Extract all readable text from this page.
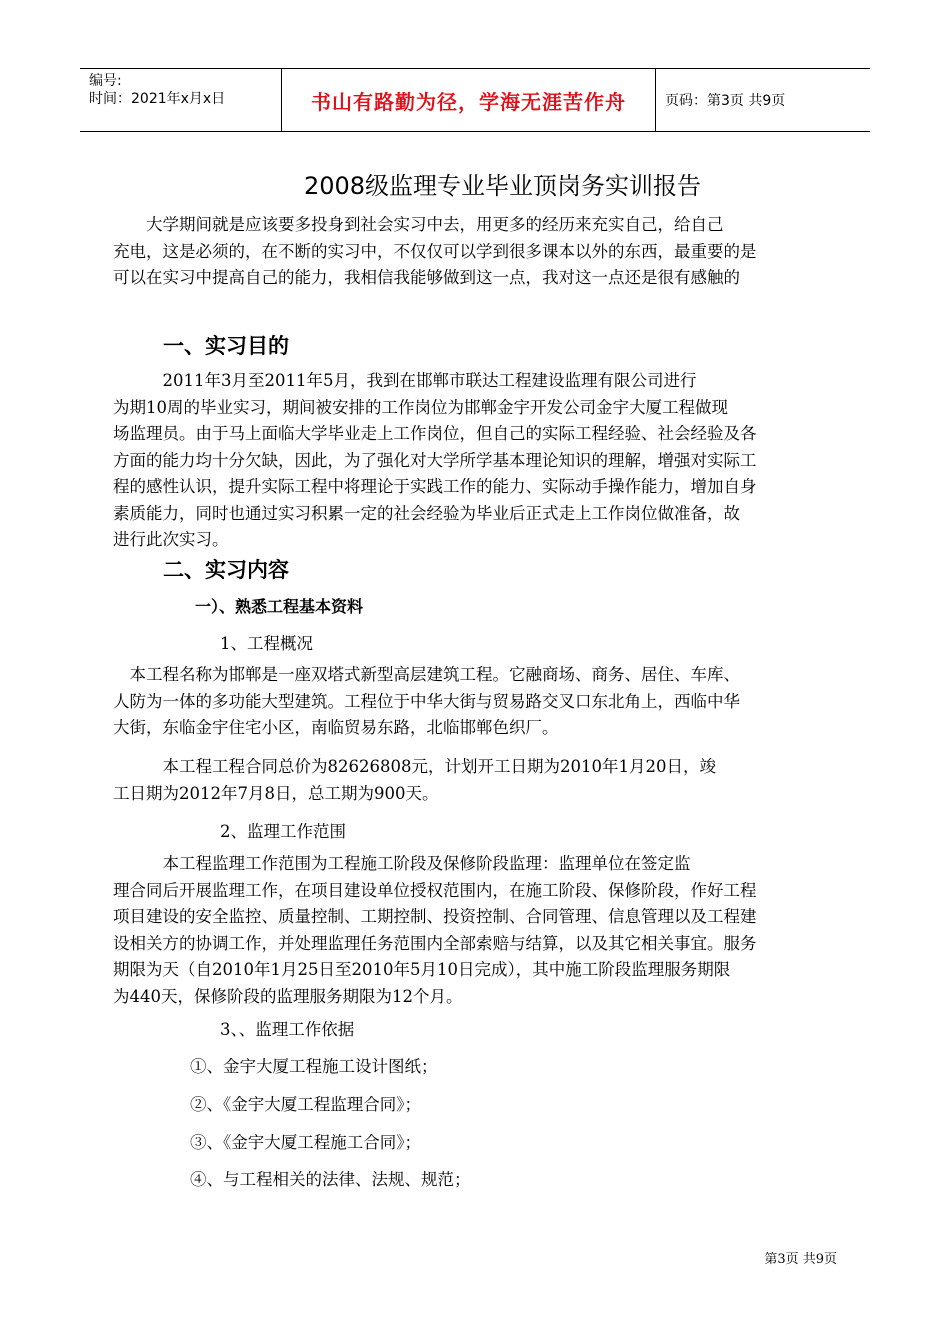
编号:
时间：2021年x月x日	书山有路勤为径，学海无涯苦作舟	页码：第3页 共9页
2008级监理专业毕业顶岗务实训报告
　　大学期间就是应该要多投身到社会实习中去，用更多的经历来充实自己，给自己
充电，这是必须的，在不断的实习中，不仅仅可以学到很多课本以外的东西，最重要的是
可以在实习中提高自己的能力，我相信我能够做到这一点，我对这一点还是很有感触的
一、实习目的
　　　2011年3月至2011年5月，我到在邯郸市联达工程建设监理有限公司进行
为期10周的毕业实习，期间被安排的工作岗位为邯郸金宇开发公司金宇大厦工程做现
场监理员。由于马上面临大学毕业走上工作岗位，但自己的实际工程经验、社会经验及各
方面的能力均十分欠缺，因此，为了强化对大学所学基本理论知识的理解，增强对实际工
程的感性认识，提升实际工程中将理论于实践工作的能力、实际动手操作能力，增加自身
素质能力，同时也通过实习积累一定的社会经验为毕业后正式走上工作岗位做准备，故
进行此次实习。
二、实习内容
一）、熟悉工程基本资料
1、工程概况
　本工程名称为邯郸是一座双塔式新型高层建筑工程。它融商场、商务、居住、车库、
人防为一体的多功能大型建筑。工程位于中华大街与贸易路交叉口东北角上，西临中华
大街，东临金宇住宅小区，南临贸易东路，北临邯郸色织厂。
　　　本工程工程合同总价为82626808元，计划开工日期为2010年1月20日，竣
工日期为2012年7月8日，总工期为900天。
2、监理工作范围
　　　本工程监理工作范围为工程施工阶段及保修阶段监理：监理单位在签定监
理合同后开展监理工作，在项目建设单位授权范围内，在施工阶段、保修阶段，作好工程
项目建设的安全监控、质量控制、工期控制、投资控制、合同管理、信息管理以及工程建
设相关方的协调工作，并处理监理任务范围内全部索赔与结算，以及其它相关事宜。服务
期限为天（自2010年1月25日至2010年5月10日完成），其中施工阶段监理服务期限
为440天，保修阶段的监理服务期限为12个月。
3、、监理工作依据
①、金宇大厦工程施工设计图纸；
②、《金宇大厦工程监理合同》；
③、《金宇大厦工程施工合同》；
④、与工程相关的法律、法规、规范；
第3页 共9页
